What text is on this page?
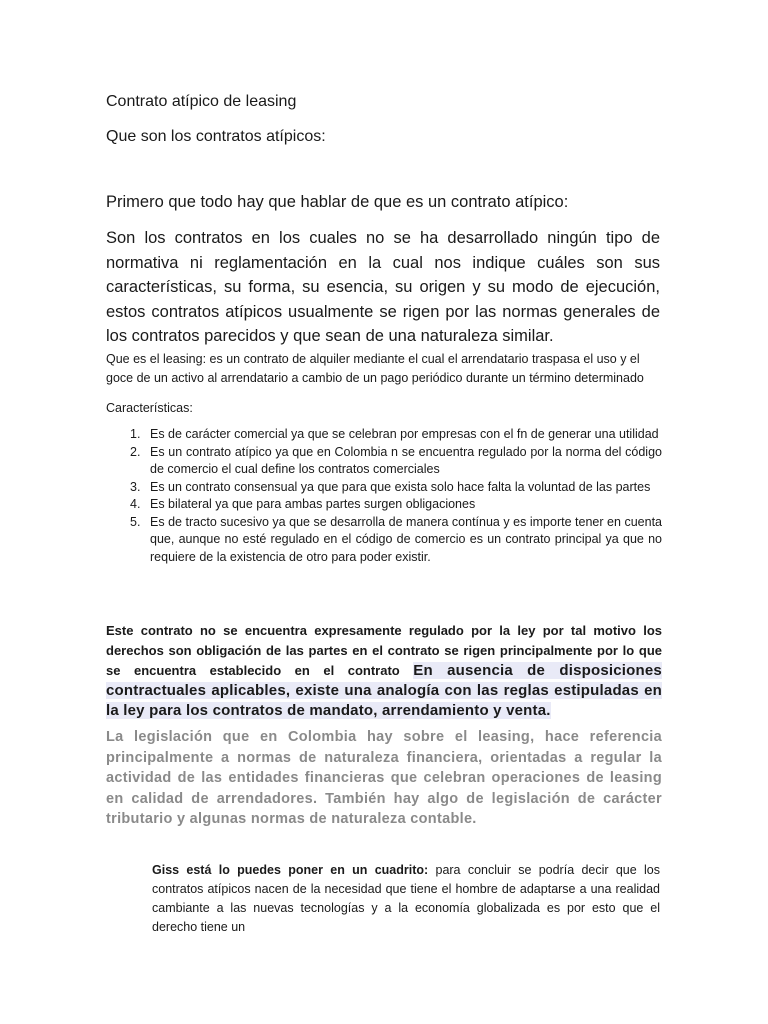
Contrato atípico de leasing

Que son los contratos atípicos:

Primero que todo hay que hablar de que es un contrato atípico:

Son los contratos en los cuales no se ha desarrollado ningún tipo de normativa ni reglamentación en la cual nos indique cuáles son sus características, su forma, su esencia, su origen y su modo de ejecución, estos contratos atípicos usualmente se rigen por las normas generales de los contratos parecidos y que sean de una naturaleza similar.

Que es el leasing: es un contrato de alquiler mediante el cual el arrendatario traspasa el uso y el goce de un activo al arrendatario a cambio de un pago periódico durante un término determinado

Características:

1. Es de carácter comercial ya que se celebran por empresas con el fn de generar una utilidad
2. Es un contrato atípico ya que en Colombia n se encuentra regulado por la norma del código de comercio el cual define los contratos comerciales
3. Es un contrato consensual ya que para que exista solo hace falta la voluntad de las partes
4. Es bilateral ya que para ambas partes surgen obligaciones
5. Es de tracto sucesivo ya que se desarrolla de manera contínua y es importe tener en cuenta que, aunque no esté regulado en el código de comercio es un contrato principal ya que no requiere de la existencia de otro para poder existir.

Este contrato no se encuentra expresamente regulado por la ley por tal motivo los derechos son obligación de las partes en el contrato se rigen principalmente por lo que se encuentra establecido en el contrato En ausencia de disposiciones contractuales aplicables, existe una analogía con las reglas estipuladas en la ley para los contratos de mandato, arrendamiento y venta.

La legislación que en Colombia hay sobre el leasing, hace referencia principalmente a normas de naturaleza financiera, orientadas a regular la actividad de las entidades financieras que celebran operaciones de leasing en calidad de arrendadores. También hay algo de legislación de carácter tributario y algunas normas de naturaleza contable.

Giss está lo puedes poner en un cuadrito: para concluir se podría decir que los contratos atípicos nacen de la necesidad que tiene el hombre de adaptarse a una realidad cambiante a las nuevas tecnologías y a la economía globalizada es por esto que el derecho tiene un
